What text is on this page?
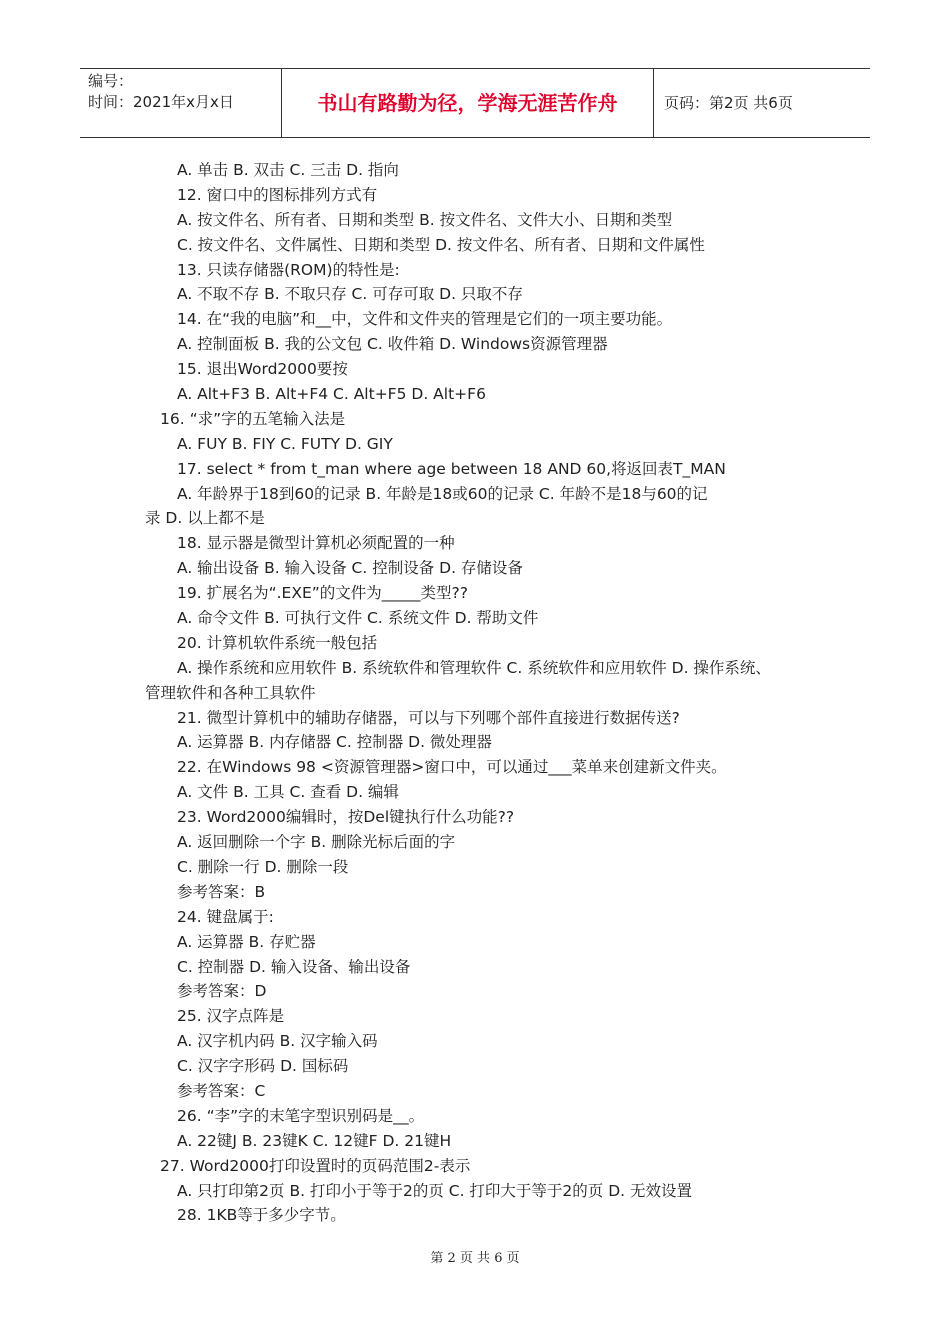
编号：
时间：2021年x月x日	书山有路勤为径，学海无涯苦作舟	页码：第2页 共6页
A. 单击 B. 双击 C. 三击 D. 指向
12. 窗口中的图标排列方式有
A. 按文件名、所有者、日期和类型 B. 按文件名、文件大小、日期和类型
C. 按文件名、文件属性、日期和类型 D. 按文件名、所有者、日期和文件属性
13. 只读存储器(ROM)的特性是:
A. 不取不存 B. 不取只存 C. 可存可取 D. 只取不存
14. 在“我的电脑”和__中，文件和文件夹的管理是它们的一项主要功能。
A. 控制面板 B. 我的公文包 C. 收件箱 D. Windows资源管理器
15. 退出Word2000要按
A. Alt+F3 B. Alt+F4 C. Alt+F5 D. Alt+F6
16. “求”字的五笔输入法是
A. FUY B. FIY C. FUTY D. GIY
17. select * from t_man where age between 18 AND 60,将返回表T_MAN
A. 年龄界于18到60的记录 B. 年龄是18或60的记录 C. 年龄不是18与60的记
录 D. 以上都不是
18. 显示器是微型计算机必须配置的一种
A. 输出设备 B. 输入设备 C. 控制设备 D. 存储设备
19. 扩展名为“.EXE”的文件为_____类型??
A. 命令文件 B. 可执行文件 C. 系统文件 D. 帮助文件
20. 计算机软件系统一般包括
A. 操作系统和应用软件 B. 系统软件和管理软件 C. 系统软件和应用软件 D. 操作系统、
管理软件和各种工具软件
21. 微型计算机中的辅助存储器，可以与下列哪个部件直接进行数据传送?
A. 运算器 B. 内存储器 C. 控制器 D. 微处理器
22. 在Windows 98 <资源管理器>窗口中，可以通过___菜单来创建新文件夹。
A. 文件 B. 工具 C. 查看 D. 编辑
23. Word2000编辑时，按Del键执行什么功能??
A. 返回删除一个字 B. 删除光标后面的字
C. 删除一行 D. 删除一段
参考答案：B
24. 键盘属于:
A. 运算器 B. 存贮器
C. 控制器 D. 输入设备、输出设备
参考答案：D
25. 汉字点阵是
A. 汉字机内码 B. 汉字输入码
C. 汉字字形码 D. 国标码
参考答案：C
26. “李”字的末笔字型识别码是__。
A. 22键J B. 23键K C. 12键F D. 21键H
27. Word2000打印设置时的页码范围2-表示
A. 只打印第2页 B. 打印小于等于2的页 C. 打印大于等于2的页 D. 无效设置
28. 1KB等于多少字节。
第 2 页 共 6 页
